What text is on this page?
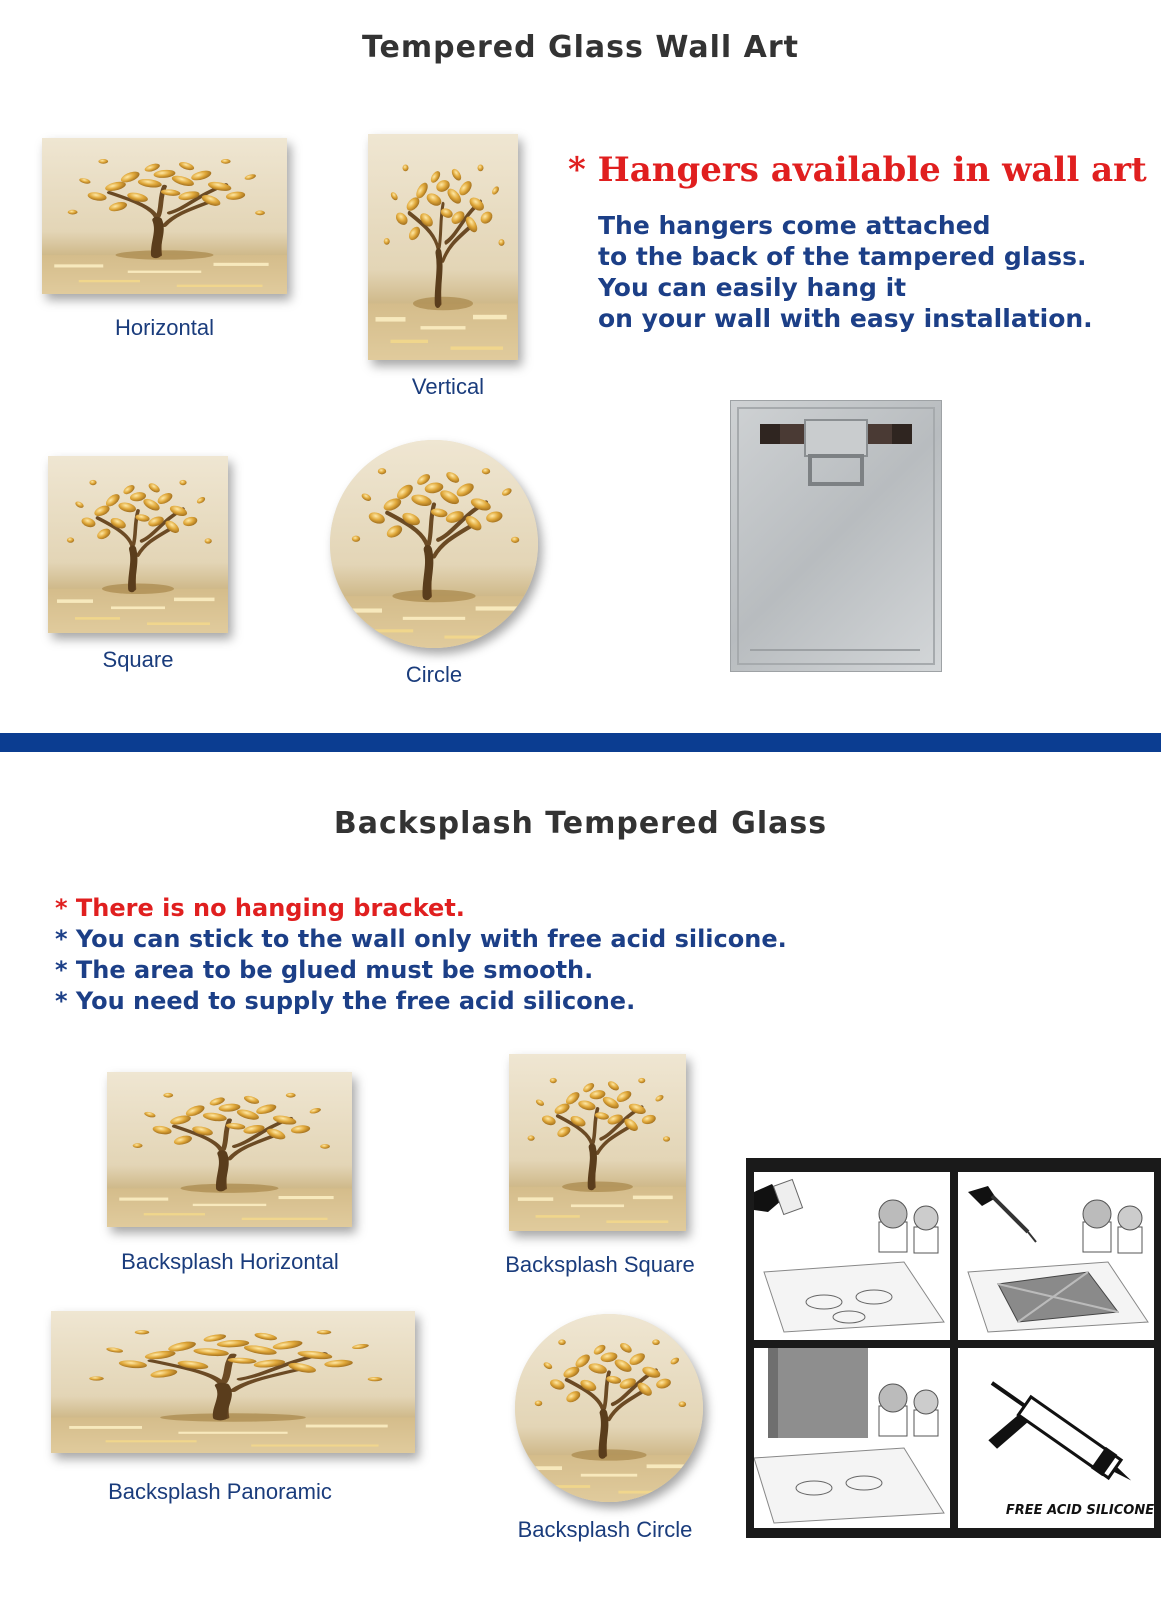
Tempered Glass Wall Art
Horizontal
Vertical
Square
Circle
* Hangers available in wall art
The hangers come attached
to the back of the tampered glass.
You can easily hang it
on your wall with easy installation.
Backsplash Tempered Glass
* There is no hanging bracket.
* You can stick to the wall only with free acid silicone.
* The area to be glued must be smooth.
* You need to supply the free acid silicone.
Backsplash Horizontal	Backsplash Square
Backsplash Panoramic
Backsplash Circle
FREE ACID SILICONE
